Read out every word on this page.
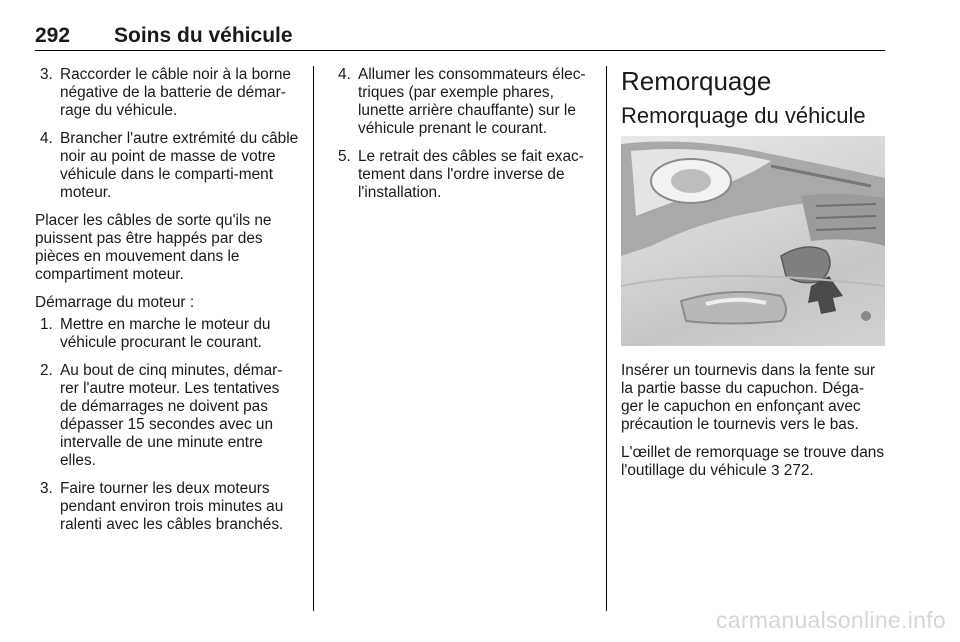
292 Soins du véhicule
3. Raccorder le câble noir à la borne négative de la batterie de démar-rage du véhicule.
4. Brancher l'autre extrémité du câble noir au point de masse de votre véhicule dans le comparti-ment moteur.

Placer les câbles de sorte qu'ils ne puissent pas être happés par des pièces en mouvement dans le compartiment moteur.

Démarrage du moteur :

1. Mettre en marche le moteur du véhicule procurant le courant.
2. Au bout de cinq minutes, démar-rer l'autre moteur. Les tentatives de démarrages ne doivent pas dépasser 15 secondes avec un intervalle de une minute entre elles.
3. Faire tourner les deux moteurs pendant environ trois minutes au ralenti avec les câbles branchés.
4. Allumer les consommateurs élec-triques (par exemple phares, lunette arrière chauffante) sur le véhicule prenant le courant.
5. Le retrait des câbles se fait exac-tement dans l'ordre inverse de l'installation.
Remorquage
Remorquage du véhicule

Insérer un tournevis dans la fente sur la partie basse du capuchon. Déga-ger le capuchon en enfonçant avec précaution le tournevis vers le bas.

L'œillet de remorquage se trouve dans l'outillage du véhicule 3 272.

carmanualsonline.info
